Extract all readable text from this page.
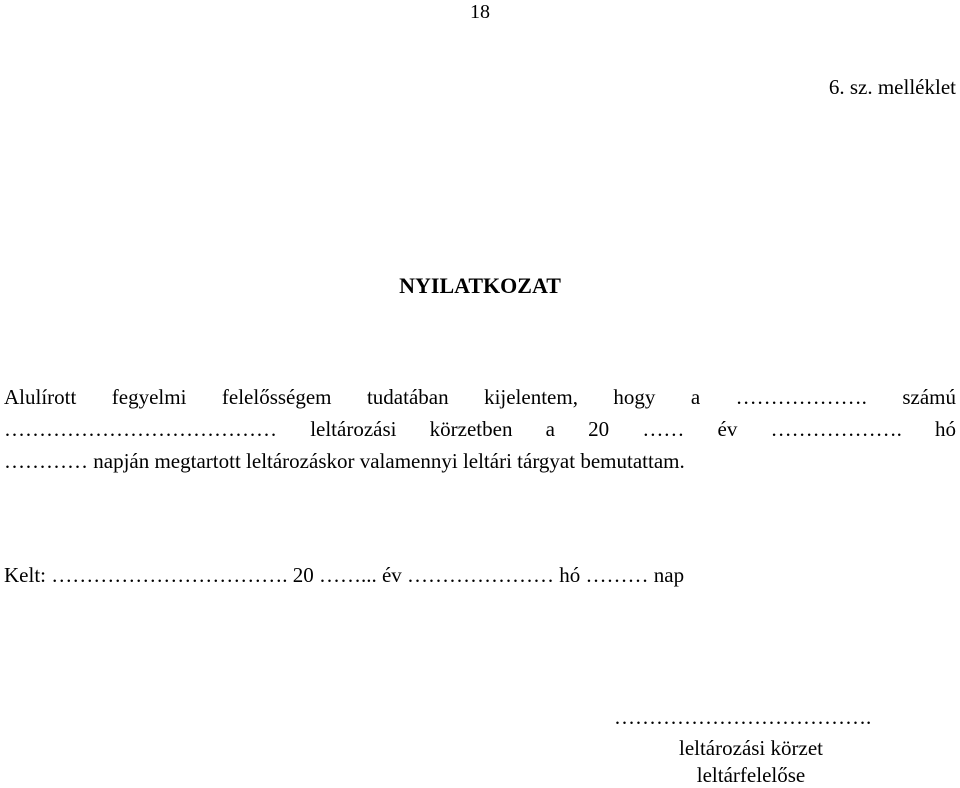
18
6. sz. melléklet
NYILATKOZAT
Alulírott fegyelmi felelősségem tudatában kijelentem, hogy a ………………. számú
………………………………… leltározási körzetben a 20 …… év ………………. hó
………… napján megtartott leltározáskor valamennyi leltári tárgyat bemutattam.
Kelt: ……………………………. 20 ……... év ………………… hó ……… nap
……………………………….
leltározási körzet
leltárfelelőse
